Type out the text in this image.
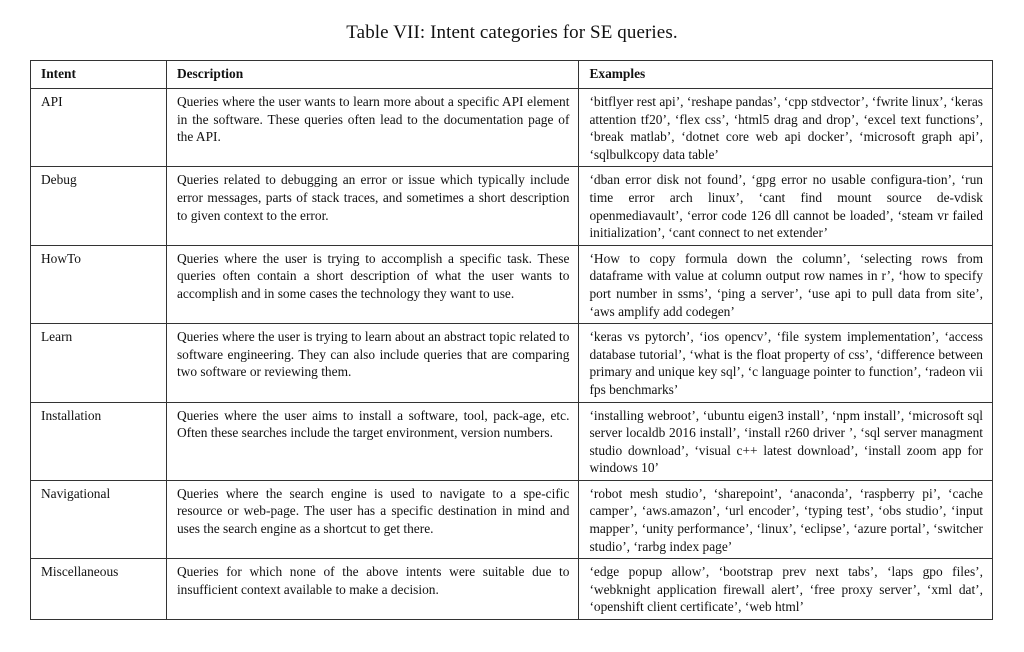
Table VII: Intent categories for SE queries.
Intent	Description	Examples
API	Queries where the user wants to learn more about a specific API element in the software. These queries often lead to the documentation page of the API.	‘bitflyer rest api’, ‘reshape pandas’, ‘cpp stdvector’, ‘fwrite linux’, ‘keras attention tf20’, ‘flex css’, ‘html5 drag and drop’, ‘excel text functions’, ‘break matlab’, ‘dotnet core web api docker’, ‘microsoft graph api’, ‘sqlbulkcopy data table’
Debug	Queries related to debugging an error or issue which typically include error messages, parts of stack traces, and sometimes a short description to given context to the error.	‘dban error disk not found’, ‘gpg error no usable configura-tion’, ‘run time error arch linux’, ‘cant find mount source de-vdisk openmediavault’, ‘error code 126 dll cannot be loaded’, ‘steam vr failed initialization’, ‘cant connect to net extender’
HowTo	Queries where the user is trying to accomplish a specific task. These queries often contain a short description of what the user wants to accomplish and in some cases the technology they want to use.	‘How to copy formula down the column’, ‘selecting rows from dataframe with value at column output row names in r’, ‘how to specify port number in ssms’, ‘ping a server’, ‘use api to pull data from site’, ‘aws amplify add codegen’
Learn	Queries where the user is trying to learn about an abstract topic related to software engineering. They can also include queries that are comparing two software or reviewing them.	‘keras vs pytorch’, ‘ios opencv’, ‘file system implementation’, ‘access database tutorial’, ‘what is the float property of css’, ‘difference between primary and unique key sql’, ‘c language pointer to function’, ‘radeon vii fps benchmarks’
Installation	Queries where the user aims to install a software, tool, pack-age, etc. Often these searches include the target environment, version numbers.	‘installing webroot’, ‘ubuntu eigen3 install’, ‘npm install’, ‘microsoft sql server localdb 2016 install’, ‘install r260 driver ’, ‘sql server managment studio download’, ‘visual c++ latest download’, ‘install zoom app for windows 10’
Navigational	Queries where the search engine is used to navigate to a spe-cific resource or web-page. The user has a specific destination in mind and uses the search engine as a shortcut to get there.	‘robot mesh studio’, ‘sharepoint’, ‘anaconda’, ‘raspberry pi’, ‘cache camper’, ‘aws.amazon’, ‘url encoder’, ‘typing test’, ‘obs studio’, ‘input mapper’, ‘unity performance’, ‘linux’, ‘eclipse’, ‘azure portal’, ‘switcher studio’, ‘rarbg index page’
Miscellaneous	Queries for which none of the above intents were suitable due to insufficient context available to make a decision.	‘edge popup allow’, ‘bootstrap prev next tabs’, ‘laps gpo files’, ‘webknight application firewall alert’, ‘free proxy server’, ‘xml dat’, ‘openshift client certificate’, ‘web html’
